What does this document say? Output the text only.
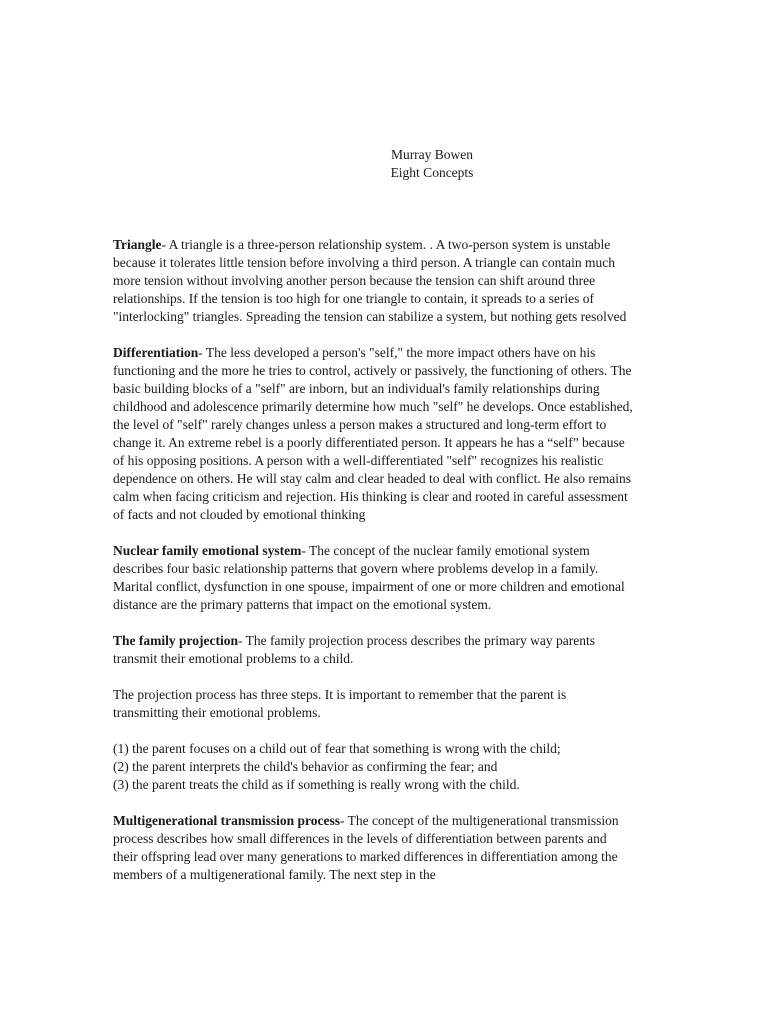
Murray Bowen
Eight Concepts

Triangle- A triangle is a three-person relationship system. . A two-person system is unstable because it tolerates little tension before involving a third person. A triangle can contain much more tension without involving another person because the tension can shift around three relationships. If the tension is too high for one triangle to contain, it spreads to a series of "interlocking" triangles. Spreading the tension can stabilize a system, but nothing gets resolved

Differentiation- The less developed a person's "self," the more impact others have on his functioning and the more he tries to control, actively or passively, the functioning of others. The basic building blocks of a "self" are inborn, but an individual's family relationships during childhood and adolescence primarily determine how much "self" he develops. Once established, the level of "self" rarely changes unless a person makes a structured and long-term effort to change it. An extreme rebel is a poorly differentiated person. It appears he has a “self” because of his opposing positions. A person with a well-differentiated "self" recognizes his realistic dependence on others. He will stay calm and clear headed to deal with conflict. He also remains calm when facing criticism and rejection. His thinking is clear and rooted in careful assessment of facts and not clouded by emotional thinking

Nuclear family emotional system- The concept of the nuclear family emotional system describes four basic relationship patterns that govern where problems develop in a family. Marital conflict, dysfunction in one spouse, impairment of one or more children and emotional distance are the primary patterns that impact on the emotional system.

The family projection- The family projection process describes the primary way parents transmit their emotional problems to a child.

The projection process has three steps. It is important to remember that the parent is transmitting their emotional problems.

(1) the parent focuses on a child out of fear that something is wrong with the child;
(2) the parent interprets the child's behavior as confirming the fear; and
(3) the parent treats the child as if something is really wrong with the child.

Multigenerational transmission process- The concept of the multigenerational transmission process describes how small differences in the levels of differentiation between parents and their offspring lead over many generations to marked differences in differentiation among the members of a multigenerational family. The next step in the
